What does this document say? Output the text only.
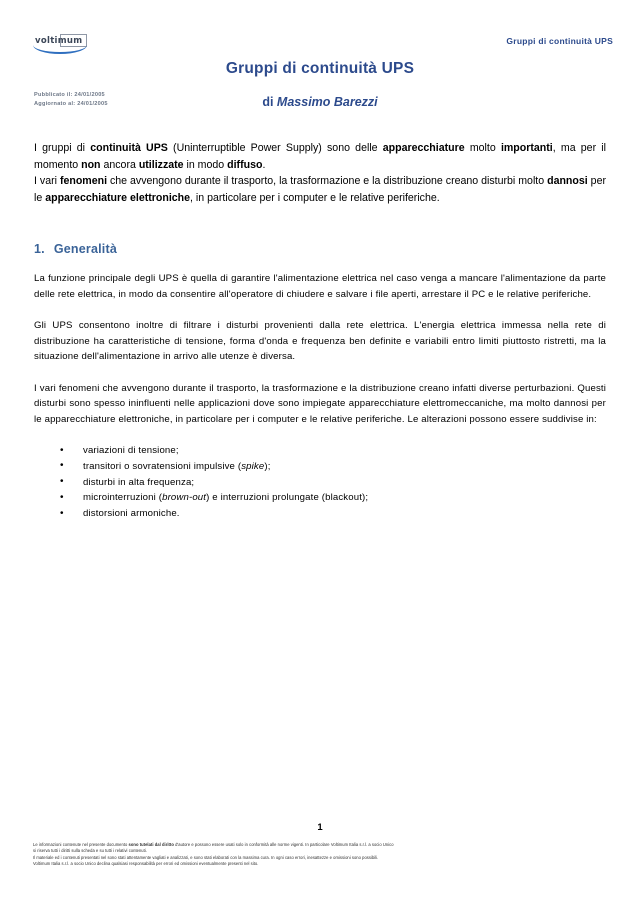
voltimum	Gruppi di continuità UPS
Gruppi di continuità UPS
di Massimo Barezzi
Pubblicato il: 24/01/2005
Aggiornato al: 24/01/2005

I gruppi di continuità UPS (Uninterruptible Power Supply) sono delle apparecchiature molto importanti, ma per il momento non ancora utilizzate in modo diffuso.

I vari fenomeni che avvengono durante il trasporto, la trasformazione e la distribuzione creano disturbi molto dannosi per le apparecchiature elettroniche, in particolare per i computer e le relative periferiche.

1. Generalità

La funzione principale degli UPS è quella di garantire l'alimentazione elettrica nel caso venga a mancare l'alimentazione da parte delle rete elettrica, in modo da consentire all'operatore di chiudere e salvare i file aperti, arrestare il PC e le relative periferiche.

Gli UPS consentono inoltre di filtrare i disturbi provenienti dalla rete elettrica. L'energia elettrica immessa nella rete di distribuzione ha caratteristiche di tensione, forma d'onda e frequenza ben definite e variabili entro limiti piuttosto ristretti, ma la situazione dell'alimentazione in arrivo alle utenze è diversa.

I vari fenomeni che avvengono durante il trasporto, la trasformazione e la distribuzione creano infatti diverse perturbazioni. Questi disturbi sono spesso ininfluenti nelle applicazioni dove sono impiegate apparecchiature elettromeccaniche, ma molto dannosi per le apparecchiature elettroniche, in particolare per i computer e le relative periferiche. Le alterazioni possono essere suddivise in:

• variazioni di tensione;
• transitori o sovratensioni impulsive (spike);
• disturbi in alta frequenza;
• microinterruzioni (brown-out) e interruzioni prolungate (blackout);
• distorsioni armoniche.
1
Le informazioni contenute nel presente documento sono tutelati dal diritto d'autore e possono essere usati solo in conformità alle norme vigenti. In particolare Voltimum Italia s.r.l. a socio Unico
si riserva tutti i diritti sulla scheda e su tutti i relativi contenuti.
Il materiale ed i contenuti presentati nel sono stati attentamente vagliati e analizzati, e sono stati elaborati con la massima cura. In ogni caso errori, inesattezze e omissioni sono possibili.
Voltimum Italia s.r.l. a socio Unico declina qualsiasi responsabilità per errori ed omissioni eventualmente presenti nel sito.
